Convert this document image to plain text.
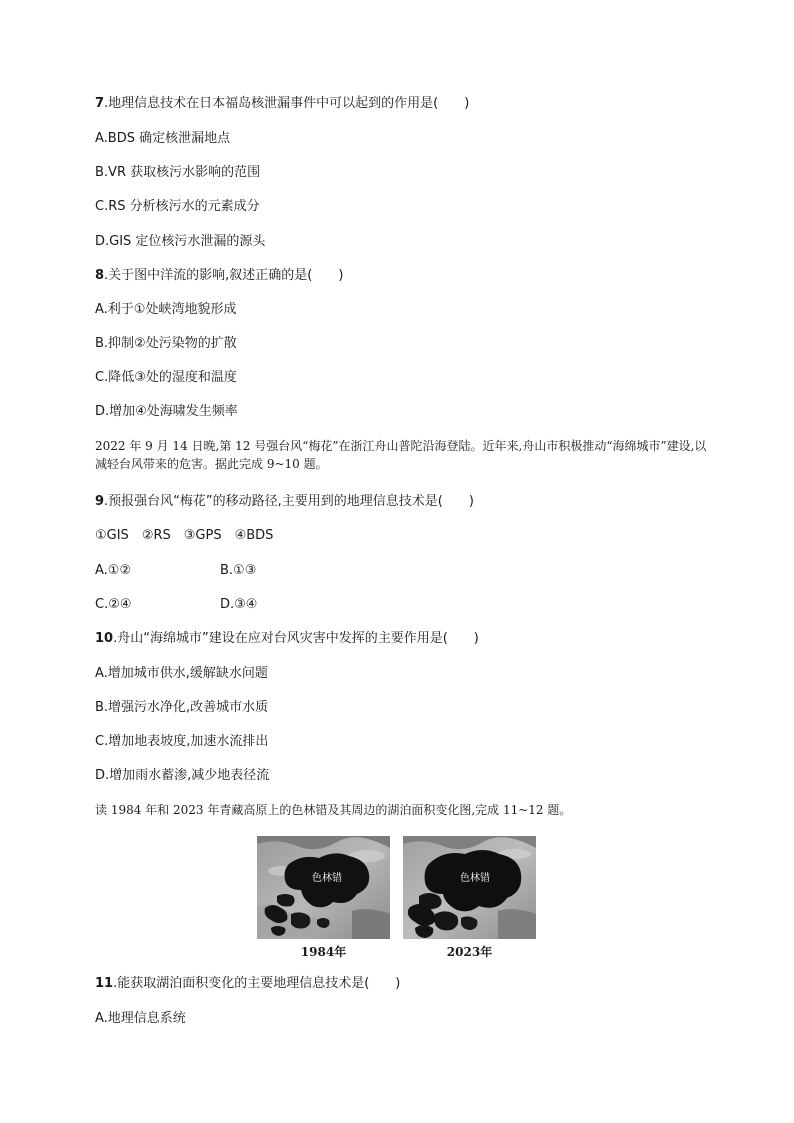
7.地理信息技术在日本福岛核泄漏事件中可以起到的作用是(　　)
A.BDS 确定核泄漏地点
B.VR 获取核污水影响的范围
C.RS 分析核污水的元素成分
D.GIS 定位核污水泄漏的源头
8.关于图中洋流的影响,叙述正确的是(　　)
A.利于①处峡湾地貌形成
B.抑制②处污染物的扩散
C.降低③处的湿度和温度
D.增加④处海啸发生频率
2022 年 9 月 14 日晚,第 12 号强台风“梅花”在浙江舟山普陀沿海登陆。近年来,舟山市积极推动“海绵城市”建设,以减轻台风带来的危害。据此完成 9~10 题。
9.预报强台风“梅花”的移动路径,主要用到的地理信息技术是(　　)
①GIS　②RS　③GPS　④BDS
A.①②	B.①③
C.②④	D.③④
10.舟山“海绵城市”建设在应对台风灾害中发挥的主要作用是(　　)
A.增加城市供水,缓解缺水问题
B.增强污水净化,改善城市水质
C.增加地表坡度,加速水流排出
D.增加雨水蓄渗,减少地表径流
读 1984 年和 2023 年青藏高原上的色林错及其周边的湖泊面积变化图,完成 11~12 题。
色林错
1984年
色林错
2023年
11.能获取湖泊面积变化的主要地理信息技术是(　　)
A.地理信息系统
